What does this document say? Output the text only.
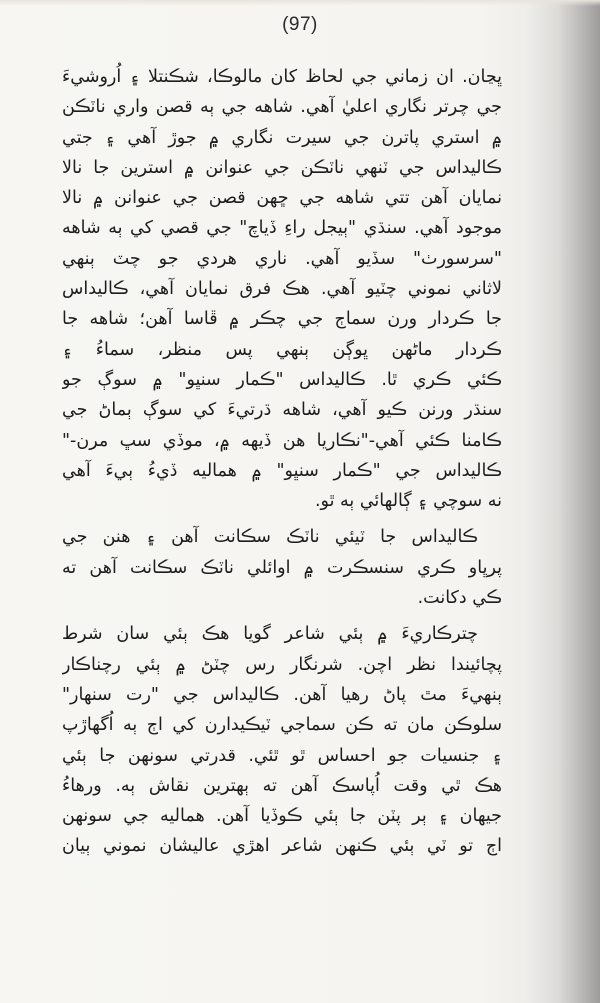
(97)
ڀڃان. ان زماني جي لحاظ کان مالوڪا، شڪنتلا ۽ اُروشيءَ
جي چرتر نگاري اعليٰ آهي. شاهه جي ٻه قصن واري ناٽڪن
۾ استري پاترن جي سيرت نگاري ۾ جوڙ آهي ۽ جتي
ڪاليداس جي ٽنهي ناٽڪن جي عنوانن ۾ استرين جا نالا
نمايان آهن تتي شاهه جي ڇهن قصن جي عنوانن ۾ نالا
موجود آهي. سنڌي "ٻيجل راءِ ڏياچ" جي قصي کي ٻه شاهه
"سرسورٺ" سڏيو آهي. ناري هردي جو چٽ ٻنهي
لاثاني نموني چٽيو آهي. هڪ فرق نمايان آهي، ڪاليداس
جا ڪردار ورن سماڄ جي چڪر ۾ ڦاسا آهن؛ شاهه جا
ڪردار ماڻهن ڀوڳن ٻنهي پس منظر، سماءُ ۽
ڪئي ڪري ٿا. ڪاليداس "ڪمار سنڀو" ۾ سوڳ جو
سنڌر ورنن ڪيو آهي، شاهه ڌرتيءَ کي سوڳ ٻماڻ جي
ڪامنا ڪئي آهي-"نڪاريا هن ڏيهه ۾، موڏي سڀ مرن-"
ڪاليداس جي "ڪمار سنڀو" ۾ هماليه ڏيءُ ٻيءَ آهي
نه سوچي ۽ ڳالهائي ٻه ٿو.
ڪاليداس جا ٽيئي ناٽڪ سڪانت آهن ۽ هنن جي
پرڀاو ڪري سنسڪرت ۾ اوائلي ناٽڪ سڪانت آهن ته
ڪي دکانت.
چترڪاريءَ ۾ ٻئي شاعر گويا هڪ ٻئي سان شرط
پچائيندا نظر اچن. شرنگار رس چٽڻ ۾ ٻئي رچناڪار
ٻنهيءَ مٿ پاڻ رهيا آهن. ڪاليداس جي "رت سنهار"
سلوڪن مان ته ڪن سماجي ٽيڪيدارن کي اڄ ٻه اُگهاڙپ
۽ جنسيات جو احساس ٿو ٿئي. قدرتي سونهن جا ٻئي
هڪ ٿي وقت اُپاسڪ آهن ته ٻهترين نقاش ٻه. ورهاءُ
جيهان ۽ ٻر پٽن جا ٻئي ڪوڏيا آهن. هماليه جي سونهن
اڄ تو ٽي ٻئي ڪنهن شاعر اهڙي عاليشان نموني ٻيان
